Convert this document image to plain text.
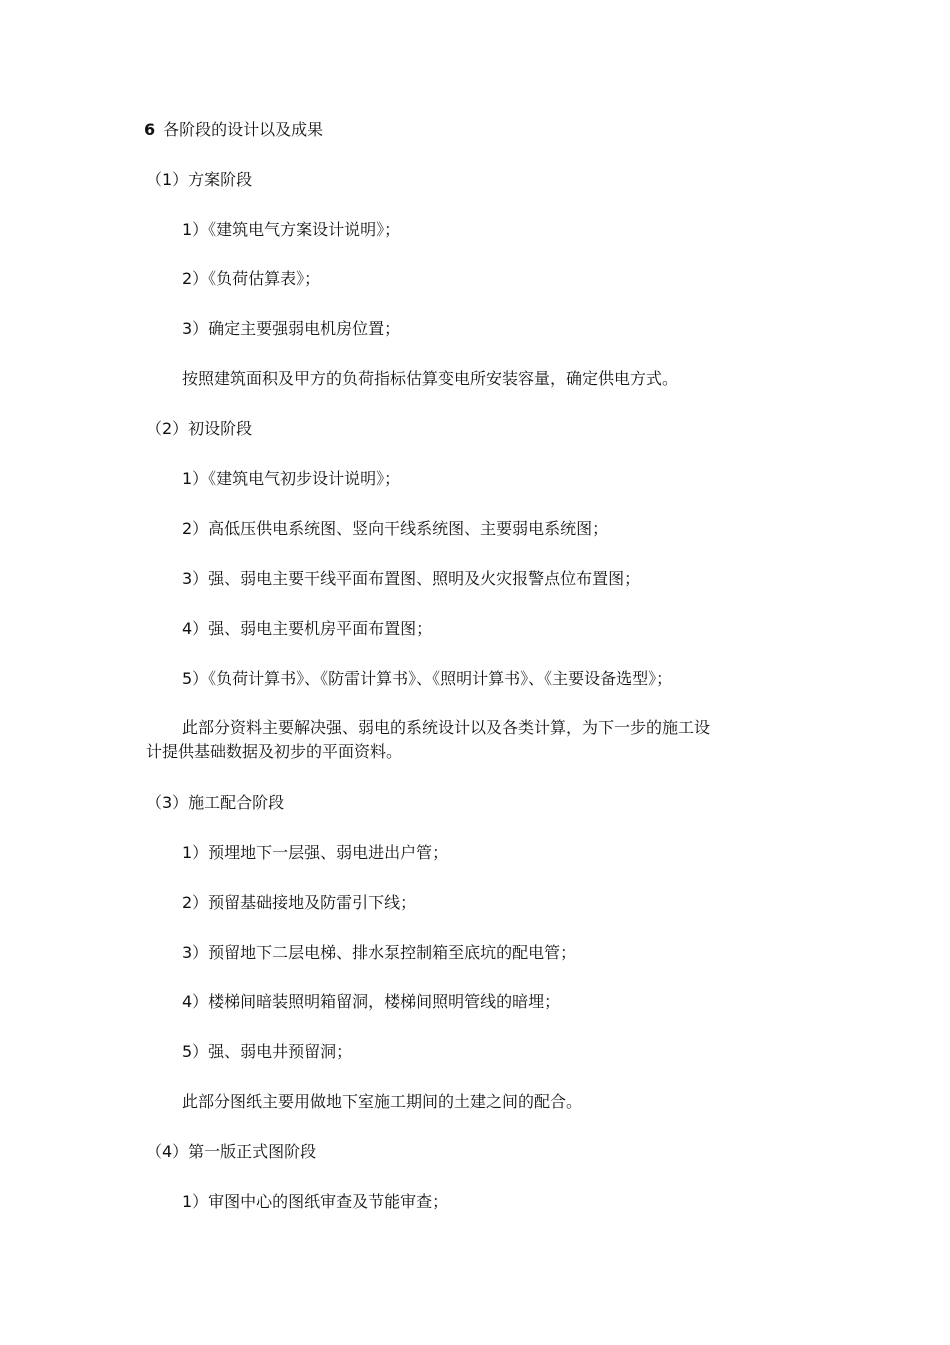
6 各阶段的设计以及成果
（1）方案阶段
1）《建筑电气方案设计说明》；
2）《负荷估算表》；
3）确定主要强弱电机房位置；
按照建筑面积及甲方的负荷指标估算变电所安装容量，确定供电方式。
（2）初设阶段
1）《建筑电气初步设计说明》；
2）高低压供电系统图、竖向干线系统图、主要弱电系统图；
3）强、弱电主要干线平面布置图、照明及火灾报警点位布置图；
4）强、弱电主要机房平面布置图；
5）《负荷计算书》、《防雷计算书》、《照明计算书》、《主要设备选型》；
此部分资料主要解决强、弱电的系统设计以及各类计算，为下一步的施工设
计提供基础数据及初步的平面资料。
（3）施工配合阶段
1）预埋地下一层强、弱电进出户管；
2）预留基础接地及防雷引下线；
3）预留地下二层电梯、排水泵控制箱至底坑的配电管；
4）楼梯间暗装照明箱留洞，楼梯间照明管线的暗埋；
5）强、弱电井预留洞；
此部分图纸主要用做地下室施工期间的土建之间的配合。
（4）第一版正式图阶段
1）审图中心的图纸审查及节能审查；
